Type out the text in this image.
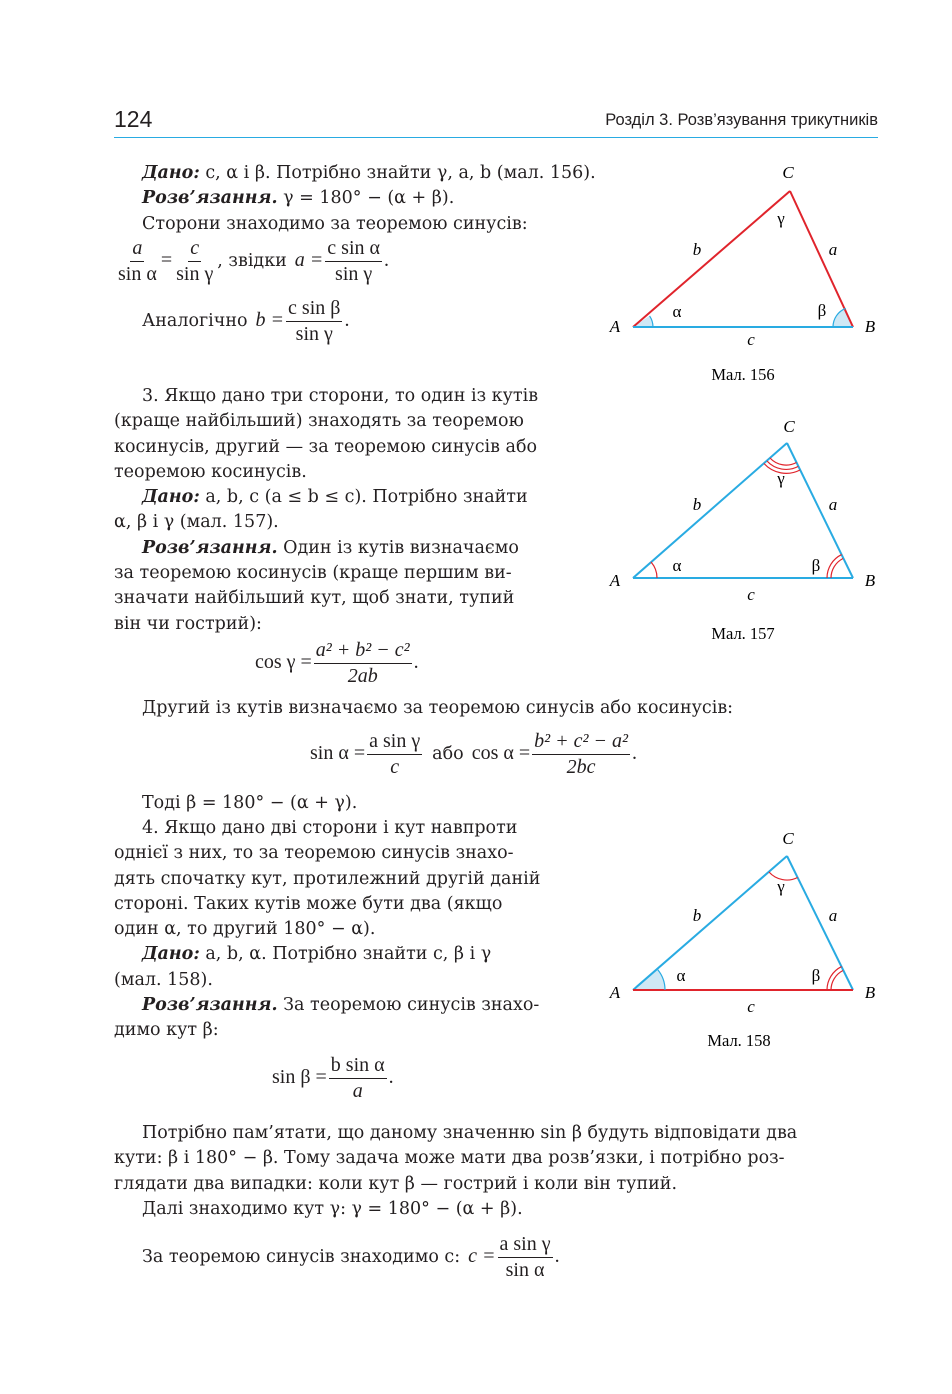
124	Розділ 3. Розв’язування трикутників
Дано: c, α і β. Потрібно знайти γ, a, b (мал. 156).
Розв’язання. γ = 180° − (α + β).
Сторони знаходимо за теоремою синусів:
$\frac{a}{\text{sin α}} = \frac{c}{\text{sin γ}}$ , звідки $a = \frac{\text{c sin α}}{\text{sin γ}}$ .
Аналогічно $b = \frac{\text{c sin β}}{\text{sin γ}}$ .
3. Якщо дано три сторони, то один із кутів
(краще найбільший) знаходять за теоремою
косинусів, другий — за теоремою синусів або
теоремою косинусів.
Дано: a, b, c (a ≤ b ≤ c). Потрібно знайти
α, β і γ (мал. 157).
Розв’язання. Один із кутів визначаємо
за теоремою косинусів (краще першим ви-
значати найбільший кут, щоб знати, тупий
він чи гострий):
$\cos \gamma = \frac{\text{a² + b² − c²}}{2ab}$ .
Другий із кутів визначаємо за теоремою синусів або косинусів:
$\sin \alpha = \frac{\text{a sin γ}}{c}$ або $\cos \alpha = \frac{\text{b² + c² − a²}}{2bc}$ .
Тоді β = 180° − (α + γ).
4. Якщо дано дві сторони і кут навпроти
однієї з них, то за теоремою синусів знахо-
дять спочатку кут, протилежний другій даній
стороні. Таких кутів може бути два (якщо
один α, то другий 180° − α).
Дано: a, b, α. Потрібно знайти c, β і γ
(мал. 158).
Розв’язання. За теоремою синусів знахо-
димо кут β:
$\sin \beta = \frac{\text{b sin α}}{a}$ .
Потрібно пам’ятати, що даному значенню sin β будуть відповідати два
кути: β і 180° − β. Тому задача може мати два розв’язки, і потрібно роз-
глядати два випадки: коли кут β — гострий і коли він тупий.
Далі знаходимо кут γ: γ = 180° − (α + β).
За теоремою синусів знаходимо c: $c = \frac{\text{a sin γ}}{\text{sin α}}$ .
C
A	B
b	a
c
α	β
γ
Мал. 156
C
A	B
b	a
c
α	β
γ
Мал. 157
C
A	B
b	a
c
α	β
γ
Мал. 158
